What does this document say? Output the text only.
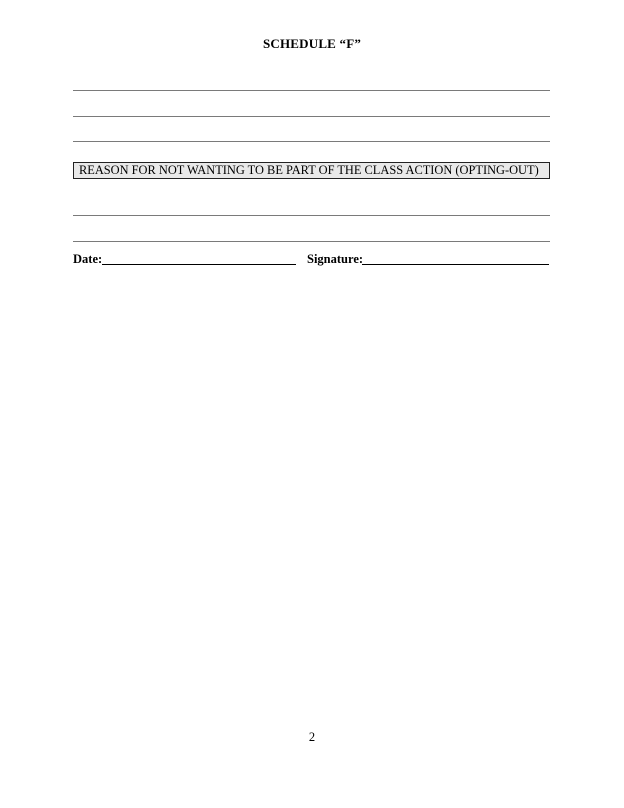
SCHEDULE “F”
REASON FOR NOT WANTING TO BE PART OF THE CLASS ACTION (OPTING-OUT)
Date:	Signature:
2
